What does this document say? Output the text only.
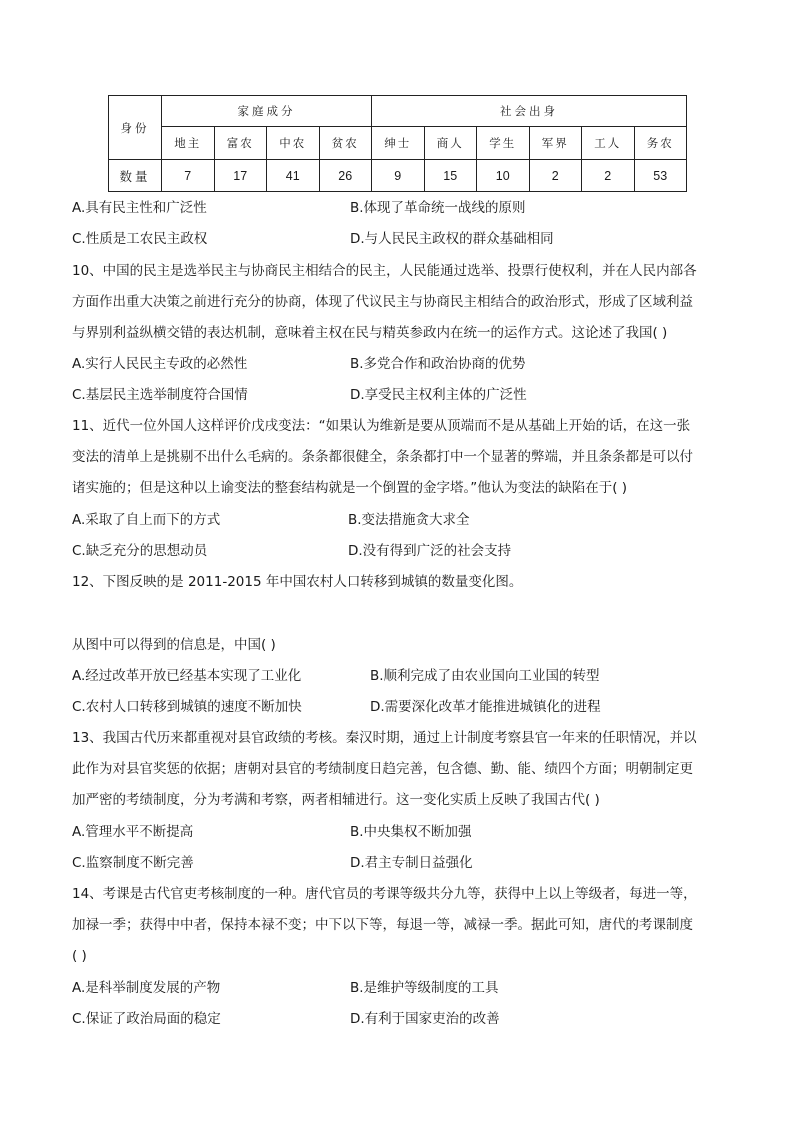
身份	家庭成分				社会出身					
	地主	富农	中农	贫农	绅士	商人	学生	军界	工人	务农
数量	7	17	41	26	9	15	10	2	2	53
A.具有民主性和广泛性	B.体现了革命统一战线的原则
C.性质是工农民主政权	D.与人民民主政权的群众基础相同
10、中国的民主是选举民主与协商民主相结合的民主，人民能通过选举、投票行使权利，并在人民内部各
方面作出重大决策之前进行充分的协商，体现了代议民主与协商民主相结合的政治形式，形成了区域利益
与界别利益纵横交错的表达机制，意味着主权在民与精英参政内在统一的运作方式。这论述了我国( )
A.实行人民民主专政的必然性	B.多党合作和政治协商的优势
C.基层民主选举制度符合国情	D.享受民主权利主体的广泛性
11、近代一位外国人这样评价戊戌变法：“如果认为维新是要从顶端而不是从基础上开始的话，在这一张
变法的清单上是挑剔不出什么毛病的。条条都很健全，条条都打中一个显著的弊端，并且条条都是可以付
诸实施的；但是这种以上谕变法的整套结构就是一个倒置的金字塔。”他认为变法的缺陷在于( )
A.采取了自上而下的方式	B.变法措施贪大求全
C.缺乏充分的思想动员	D.没有得到广泛的社会支持
12、下图反映的是 2011-2015 年中国农村人口转移到城镇的数量变化图。
从图中可以得到的信息是，中国( )
A.经过改革开放已经基本实现了工业化	B.顺利完成了由农业国向工业国的转型
C.农村人口转移到城镇的速度不断加快	D.需要深化改革才能推进城镇化的进程
13、我国古代历来都重视对县官政绩的考核。秦汉时期，通过上计制度考察县官一年来的任职情况，并以
此作为对县官奖惩的依据；唐朝对县官的考绩制度日趋完善，包含德、勤、能、绩四个方面；明朝制定更
加严密的考绩制度，分为考满和考察，两者相辅进行。这一变化实质上反映了我国古代( )
A.管理水平不断提高	B.中央集权不断加强
C.监察制度不断完善	D.君主专制日益强化
14、考课是古代官吏考核制度的一种。唐代官员的考课等级共分九等，获得中上以上等级者，每进一等，
加禄一季；获得中中者，保持本禄不变；中下以下等，每退一等，减禄一季。据此可知，唐代的考课制度
( )
A.是科举制度发展的产物	B.是维护等级制度的工具
C.保证了政治局面的稳定	D.有利于国家吏治的改善
